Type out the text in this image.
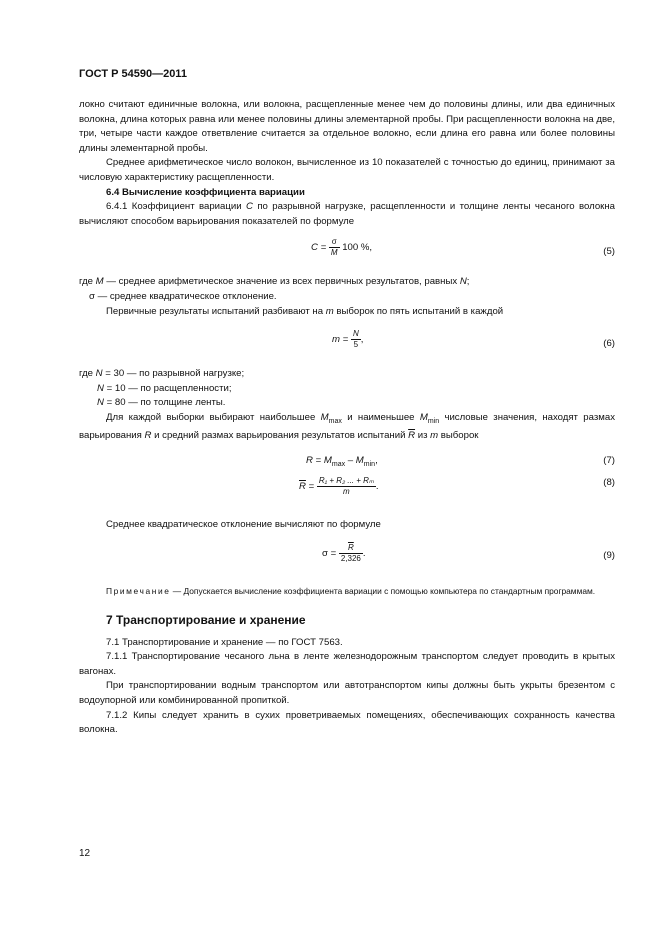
ГОСТ Р 54590—2011

локно считают единичные волокна, или волокна, расщепленные менее чем до половины длины, или два единичных волокна, длина которых равна или менее половины длины элементарной пробы. При расщепленности волокна на две, три, четыре части каждое ответвление считается за отдельное волокно, если длина его равна или более половины длины элементарной пробы.

Среднее арифметическое число волокон, вычисленное из 10 показателей с точностью до единиц, принимают за числовую характеристику расщепленности.

6.4 Вычисление коэффициента вариации

6.4.1 Коэффициент вариации С по разрывной нагрузке, расщепленности и толщине ленты чесаного волокна вычисляют способом варьирования показателей по формуле

$С = \frac{\sigma}{М} 100$ %,	(5)

где М — среднее арифметическое значение из всех первичных результатов, равных N;

σ — среднее квадратическое отклонение.

Первичные результаты испытаний разбивают на m выборок по пять испытаний в каждой

$m = \frac{N}{5}$ ,	(6)

где N = 30 — по разрывной нагрузке;

N = 10 — по расщепленности;

N = 80 — по толщине ленты.

Для каждой выборки выбирают наибольшее $M_{max}$ и наименьшее $M_{min}$ числовые значения, находят размах варьирования R и средний размах варьирования результатов испытаний $\overline{R}$ из m выборок

$R = M_{max} - M_{min}$,	(7)
$\overline{R} = \frac{\text{R₁ + R₂ ... + Rₘ}}{m}$ .	(8)

Среднее квадратическое отклонение вычисляют по формуле

$\sigma = \frac{\overline{R}}{2,326}$ .	(9)

Примечание — Допускается вычисление коэффициента вариации с помощью компьютера по стандартным программам.

7 Транспортирование и хранение

7.1 Транспортирование и хранение — по ГОСТ 7563.

7.1.1 Транспортирование чесаного льна в ленте железнодорожным транспортом следует проводить в крытых вагонах.

При транспортировании водным транспортом или автотранспортом кипы должны быть укрыты брезентом с водоупорной или комбинированной пропиткой.

7.1.2 Кипы следует хранить в сухих проветриваемых помещениях, обеспечивающих сохранность качества волокна.

12
